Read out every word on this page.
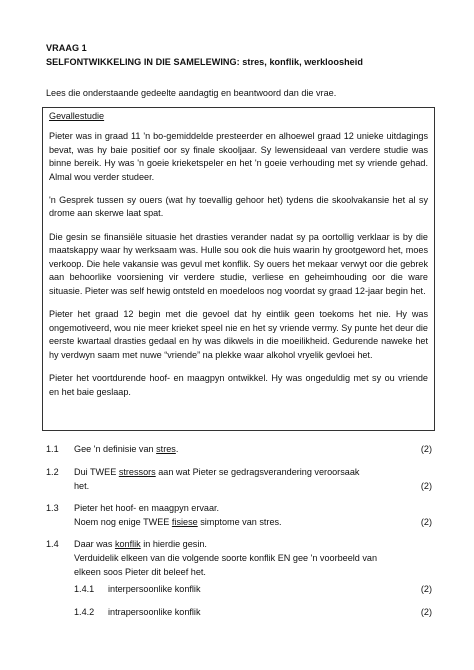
VRAAG 1
SELFONTWIKKELING IN DIE SAMELEWING: stres, konflik, werkloosheid
Lees die onderstaande gedeelte aandagtig en beantwoord dan die vrae.
Gevallestudie

Pieter was in graad 11 'n bo-gemiddelde presteerder en alhoewel graad 12 unieke uitdagings bevat, was hy baie positief oor sy finale skooljaar. Sy lewensideaal van verdere studie was binne bereik. Hy was 'n goeie krieketspeler en het 'n goeie verhouding met sy vriende gehad. Almal wou verder studeer.

'n Gesprek tussen sy ouers (wat hy toevallig gehoor het) tydens die skoolvakansie het al sy drome aan skerwe laat spat.

Die gesin se finansiële situasie het drasties verander nadat sy pa oortollig verklaar is by die maatskappy waar hy werksaam was. Hulle sou ook die huis waarin hy grootgeword het, moes verkoop. Die hele vakansie was gevul met konflik. Sy ouers het mekaar verwyt oor die gebrek aan behoorlike voorsiening vir verdere studie, verliese en geheimhouding oor die ware situasie. Pieter was self hewig ontsteld en moedeloos nog voordat sy graad 12-jaar begin het.

Pieter het graad 12 begin met die gevoel dat hy eintlik geen toekoms het nie. Hy was ongemotiveerd, wou nie meer krieket speel nie en het sy vriende vermy. Sy punte het deur die eerste kwartaal drasties gedaal en hy was dikwels in die moeilikheid. Gedurende naweke het hy verdwyn saam met nuwe “vriende” na plekke waar alkohol vryelik gevloei het.

Pieter het voortdurende hoof- en maagpyn ontwikkel. Hy was ongeduldig met sy ou vriende en het baie geslaap.

1.1 Gee 'n definisie van stres.	(2)
1.2 Dui TWEE stressors aan wat Pieter se gedragsverandering veroorsaak
het.	(2)
1.3 Pieter het hoof- en maagpyn ervaar.
Noem nog enige TWEE fisiese simptome van stres.	(2)
1.4 Daar was konflik in hierdie gesin.
Verduidelik elkeen van die volgende soorte konflik EN gee 'n voorbeeld van
elkeen soos Pieter dit beleef het.
1.4.1 interpersoonlike konflik	(2)
1.4.2 intrapersoonlike konflik	(2)
